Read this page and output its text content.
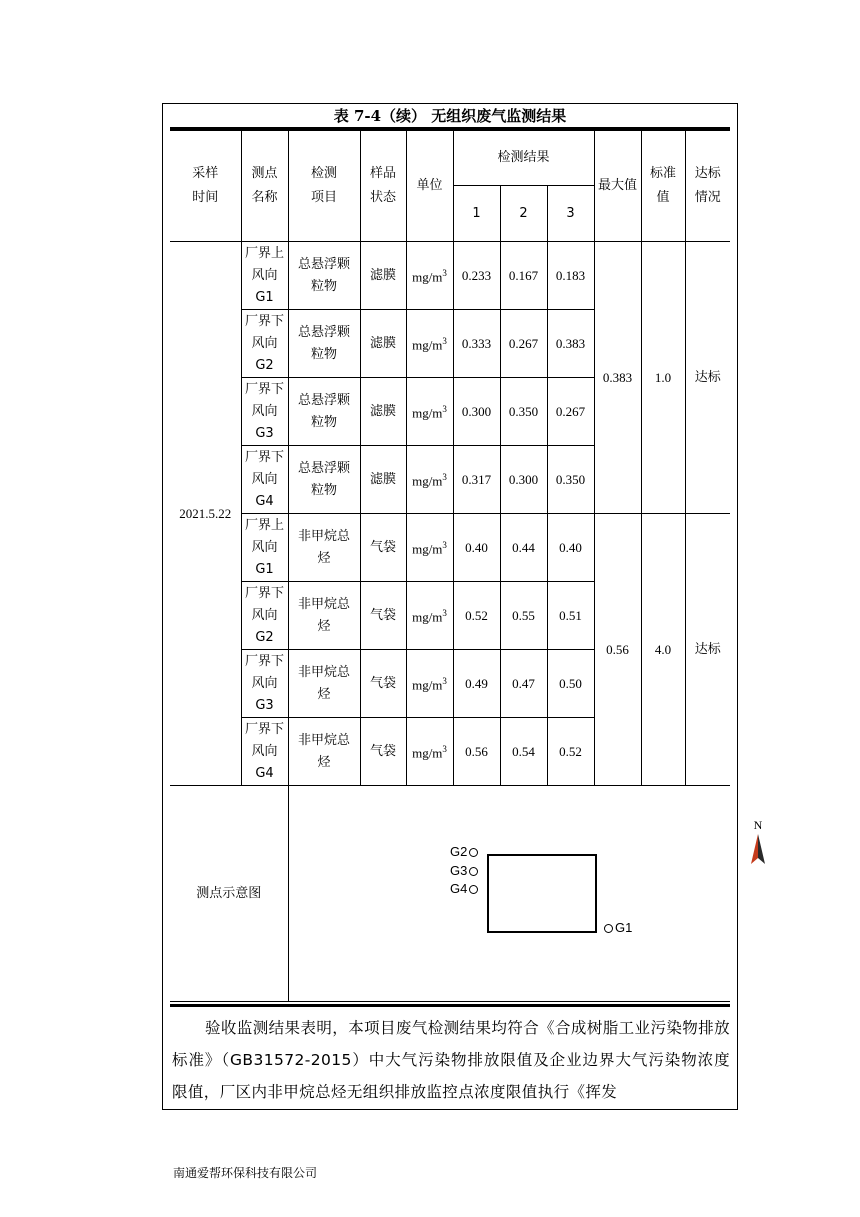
表 7-4（续） 无组织废气监测结果
采样时间	测点名称	检测项目	样品状态	单位	检测结果			最大值	标准值	达标情况

					1	2	3			
2021.5.22	厂界上风向G1	总悬浮颗粒物	滤膜	$mg/m^3$	0.233	0.167	0.183	0.383	1.0	达标

	厂界下风向G2	总悬浮颗粒物	滤膜	$mg/m^3$	0.333	0.267	0.383			

	厂界下风向G3	总悬浮颗粒物	滤膜	$mg/m^3$	0.300	0.350	0.267			

	厂界下风向G4	总悬浮颗粒物	滤膜	$mg/m^3$	0.317	0.300	0.350			

	厂界上风向G1	非甲烷总烃	气袋	$mg/m^3$	0.40	0.44	0.40	0.56	4.0	达标

	厂界下风向G2	非甲烷总烃	气袋	$mg/m^3$	0.52	0.55	0.51			

	厂界下风向G3	非甲烷总烃	气袋	$mg/m^3$	0.49	0.47	0.50			

	厂界下风向G4	非甲烷总烃	气袋	$mg/m^3$	0.56	0.54	0.52			
测点示意图										
G2
G3
G4
G1
N
验收监测结果表明，本项目废气检测结果均符合《合成树脂工业污染物排放标准》（GB31572-2015）中大气污染物排放限值及企业边界大气污染物浓度限值，厂区内非甲烷总烃无组织排放监控点浓度限值执行《挥发
南通爱帮环保科技有限公司
